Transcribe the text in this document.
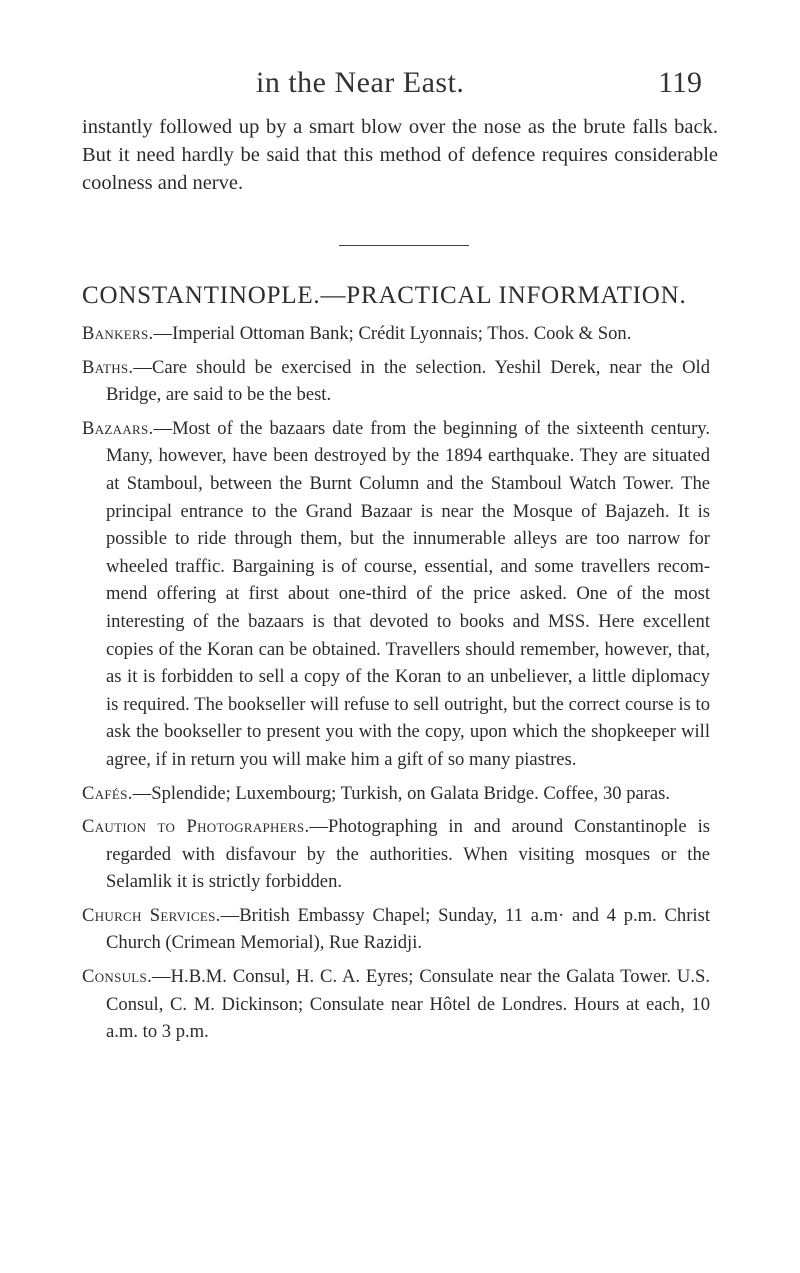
in the Near East.	119

instantly followed up by a smart blow over the nose as the brute falls back. But it need hardly be said that this method of defence requires considerable coolness and nerve.

CONSTANTINOPLE.—PRACTICAL INFORMATION.

Bankers.—Imperial Ottoman Bank; Crédit Lyonnais; Thos. Cook & Son.

Baths.—Care should be exercised in the selection. Yeshil Derek, near the Old Bridge, are said to be the best.

Bazaars.—Most of the bazaars date from the beginning of the sixteenth century. Many, however, have been destroyed by the 1894 earthquake. They are situated at Stamboul, between the Burnt Column and the Stamboul Watch Tower. The principal entrance to the Grand Bazaar is near the Mosque of Bajazeh. It is possible to ride through them, but the innumerable alleys are too narrow for wheeled traffic. Bargaining is of course, essential, and some travellers recommend offering at first about one-third of the price asked. One of the most interesting of the bazaars is that devoted to books and MSS. Here excellent copies of the Koran can be obtained. Travellers should remember, however, that, as it is forbidden to sell a copy of the Koran to an unbeliever, a little diplomacy is required. The bookseller will refuse to sell outright, but the correct course is to ask the bookseller to present you with the copy, upon which the shopkeeper will agree, if in return you will make him a gift of so many piastres.

Cafés.—Splendide; Luxembourg; Turkish, on Galata Bridge. Coffee, 30 paras.

Caution to Photographers.—Photographing in and around Constantinople is regarded with disfavour by the authorities. When visiting mosques or the Selamlik it is strictly forbidden.

Church Services.—British Embassy Chapel; Sunday, 11 a.m· and 4 p.m. Christ Church (Crimean Memorial), Rue Razidji.

Consuls.—H.B.M. Consul, H. C. A. Eyres; Consulate near the Galata Tower. U.S. Consul, C. M. Dickinson; Consulate near Hôtel de Londres. Hours at each, 10 a.m. to 3 p.m.
